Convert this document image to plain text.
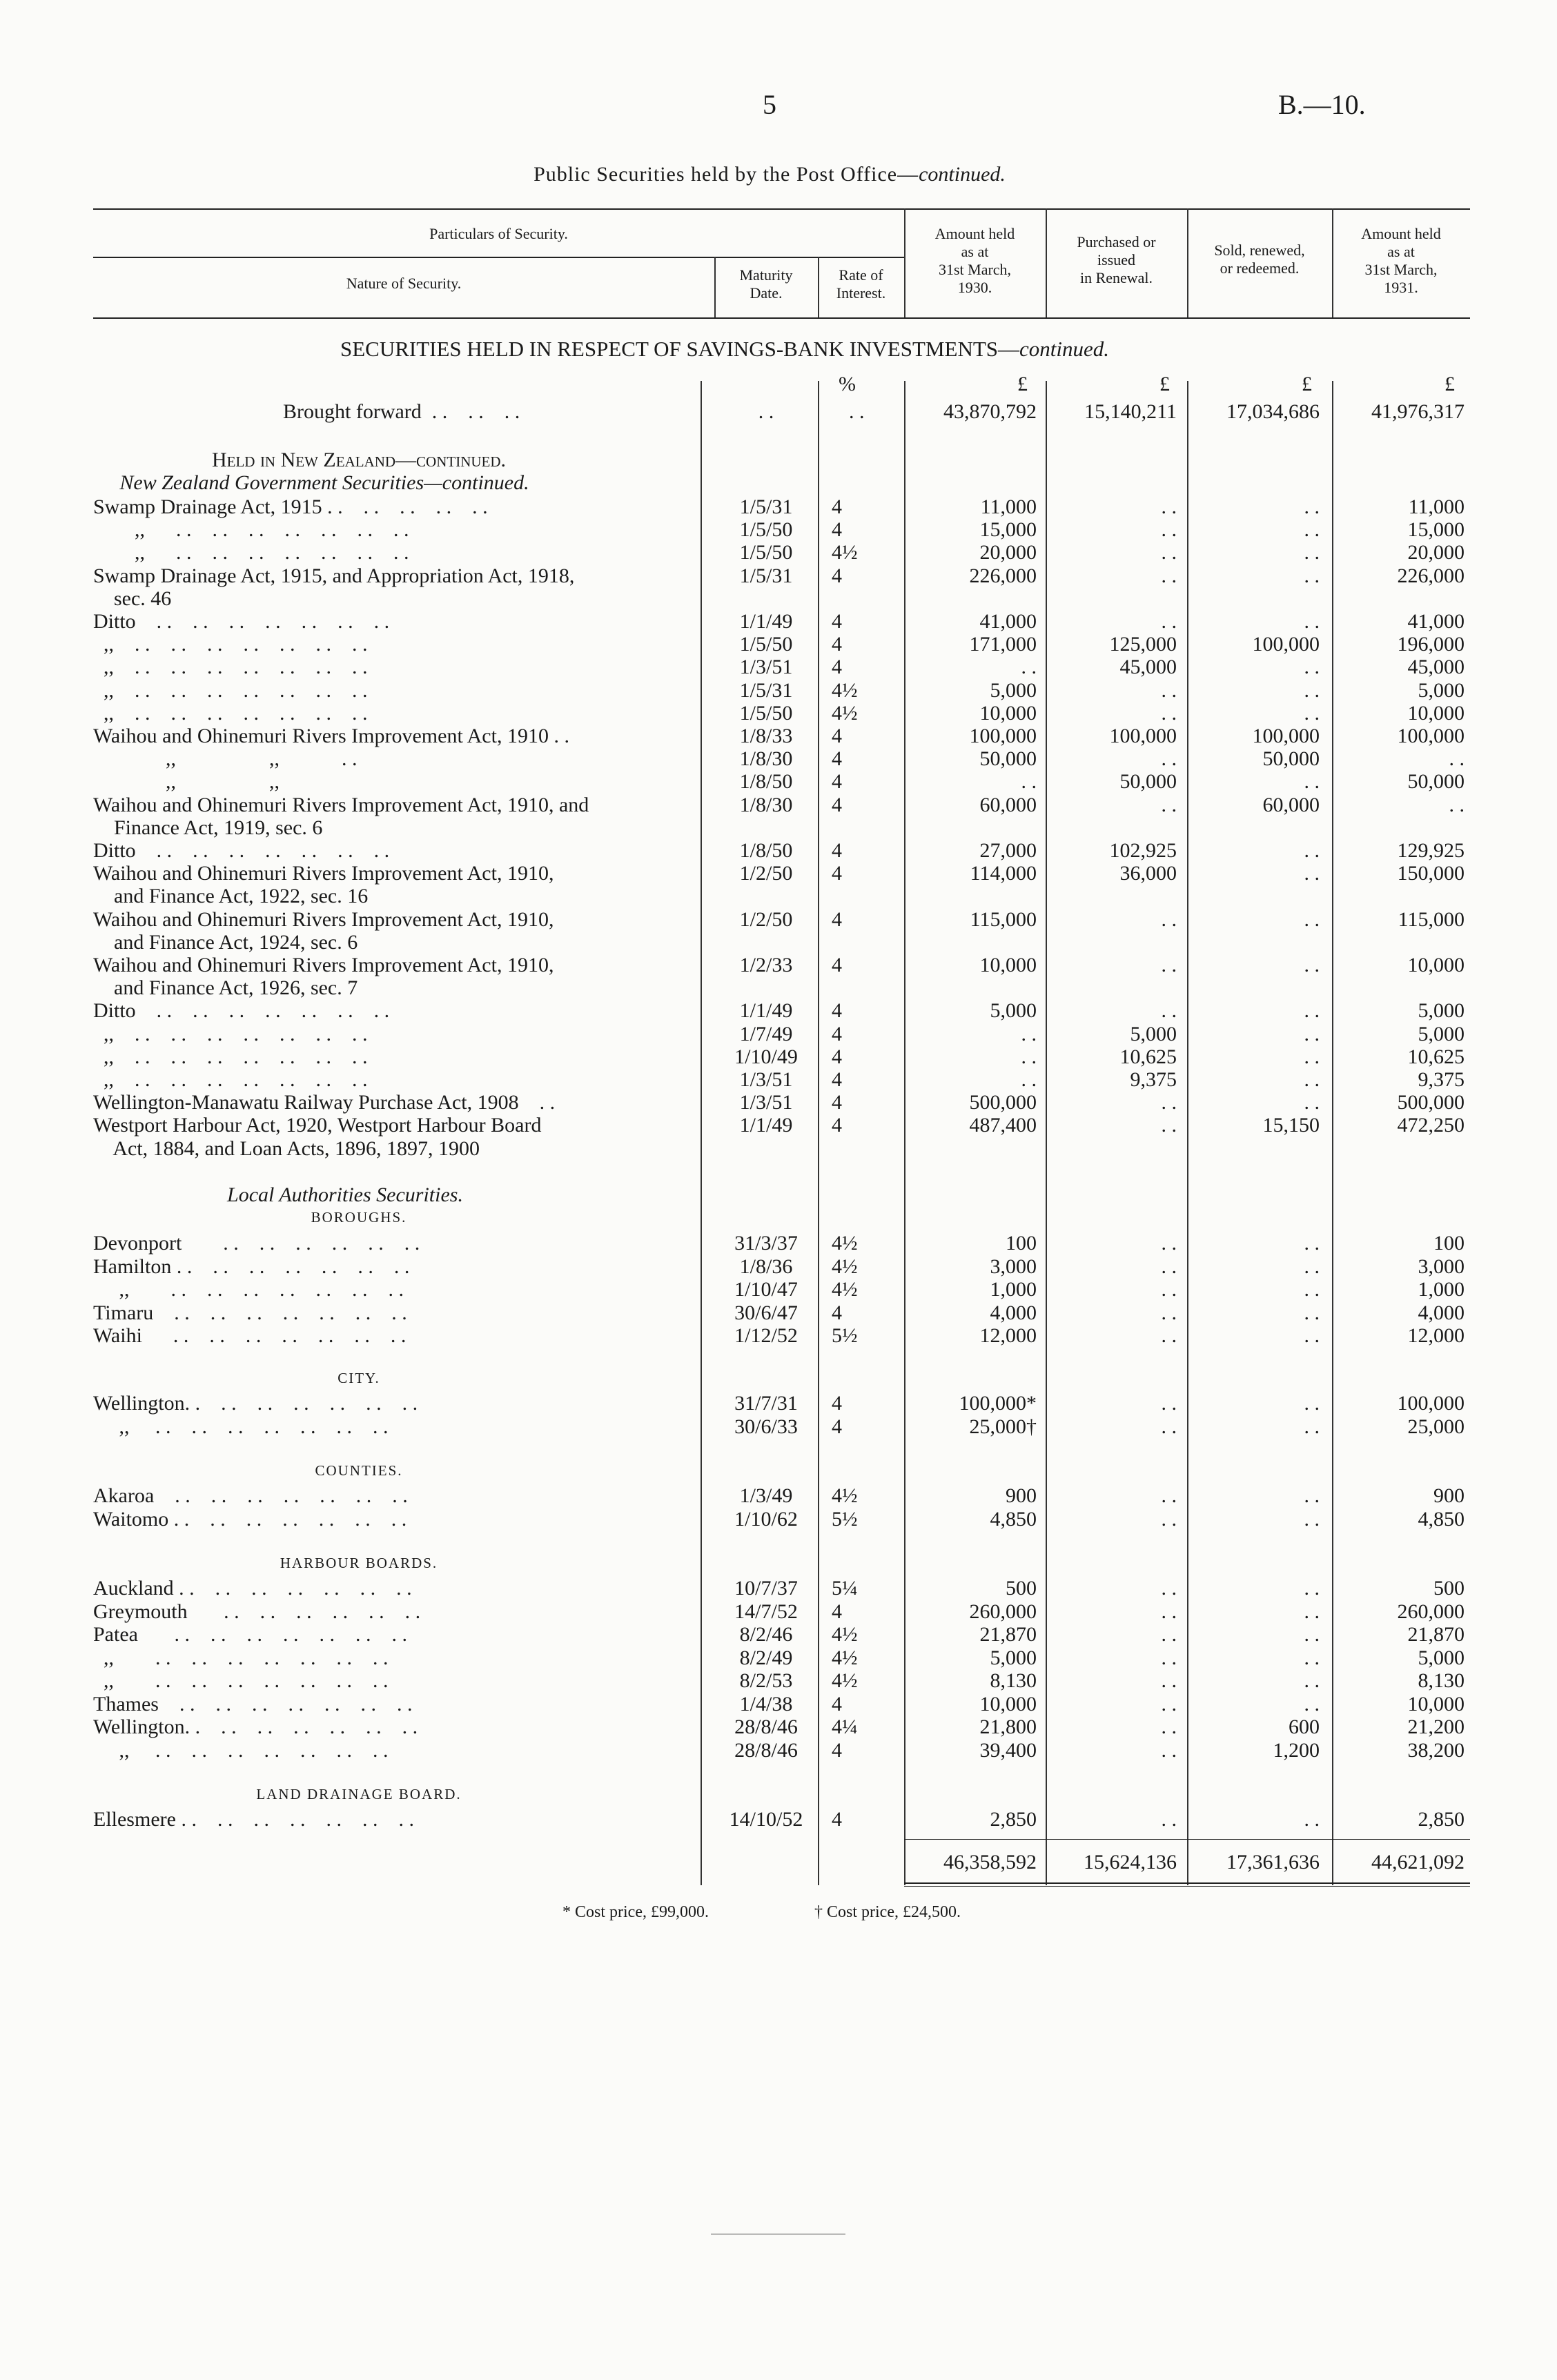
5	B.—10.
Public Securities held by the Post Office—continued.
Particulars of Security.
Nature of Security.	Maturity
Date.
Rate of
Interest.
Amount held
as at
31st March,
1930.
Purchased or
issued
in Renewal.
Sold, renewed,
or redeemed.
Amount held
as at
31st March,
1931.
SECURITIES HELD IN RESPECT OF SAVINGS-BANK INVESTMENTS—continued.
%	£	£	£	£
Brought forward  . .    . .    . .	. .	. .	43,870,792	15,140,211	17,034,686	41,976,317
Held in New Zealand—continued.
New Zealand Government Securities—continued.
Swamp Drainage Act, 1915 . .    . .    . .    . .    . .	1/5/31	4	11,000	. .	. .	11,000
,,      . .    . .    . .    . .    . .    . .    . .	1/5/50	4	15,000	. .	. .	15,000
,,      . .    . .    . .    . .    . .    . .    . .	1/5/50	4½	20,000	. .	. .	20,000
Swamp Drainage Act, 1915, and Appropriation Act, 1918,	1/5/31	4	226,000	. .	. .	226,000
sec. 46
Ditto    . .    . .    . .    . .    . .    . .    . .	1/1/49	4	41,000	. .	. .	41,000
,,    . .    . .    . .    . .    . .    . .    . .	1/5/50	4	171,000	125,000	100,000	196,000
,,    . .    . .    . .    . .    . .    . .    . .	1/3/51	4	. .	45,000	. .	45,000
,,    . .    . .    . .    . .    . .    . .    . .	1/5/31	4½	5,000	. .	. .	5,000
,,    . .    . .    . .    . .    . .    . .    . .	1/5/50	4½	10,000	. .	. .	10,000
Waihou and Ohinemuri Rivers Improvement Act, 1910 . .	1/8/33	4	100,000	100,000	100,000	100,000
,,                  ,,            . .	1/8/30	4	50,000	. .	50,000	. .
,,                  ,,	1/8/50	4	. .	50,000	. .	50,000
Waihou and Ohinemuri Rivers Improvement Act, 1910, and	1/8/30	4	60,000	. .	60,000	. .
Finance Act, 1919, sec. 6
Ditto    . .    . .    . .    . .    . .    . .    . .	1/8/50	4	27,000	102,925	. .	129,925
Waihou and Ohinemuri Rivers Improvement Act, 1910,	1/2/50	4	114,000	36,000	. .	150,000
and Finance Act, 1922, sec. 16
Waihou and Ohinemuri Rivers Improvement Act, 1910,	1/2/50	4	115,000	. .	. .	115,000
and Finance Act, 1924, sec. 6
Waihou and Ohinemuri Rivers Improvement Act, 1910,	1/2/33	4	10,000	. .	. .	10,000
and Finance Act, 1926, sec. 7
Ditto    . .    . .    . .    . .    . .    . .    . .	1/1/49	4	5,000	. .	. .	5,000
,,    . .    . .    . .    . .    . .    . .    . .	1/7/49	4	. .	5,000	. .	5,000
,,    . .    . .    . .    . .    . .    . .    . .	1/10/49	4	. .	10,625	. .	10,625
,,    . .    . .    . .    . .    . .    . .    . .	1/3/51	4	. .	9,375	. .	9,375
Wellington-Manawatu Railway Purchase Act, 1908    . .	1/3/51	4	500,000	. .	. .	500,000
Westport Harbour Act, 1920, Westport Harbour Board	1/1/49	4	487,400	. .	15,150	472,250
Act, 1884, and Loan Acts, 1896, 1897, 1900
Local Authorities Securities.
BOROUGHS.
Devonport        . .    . .    . .    . .    . .    . .	31/3/37	4½	100	. .	. .	100
Hamilton . .    . .    . .    . .    . .    . .    . .	1/8/36	4½	3,000	. .	. .	3,000
,,        . .    . .    . .    . .    . .    . .    . .	1/10/47	4½	1,000	. .	. .	1,000
Timaru    . .    . .    . .    . .    . .    . .    . .	30/6/47	4	4,000	. .	. .	4,000
Waihi      . .    . .    . .    . .    . .    . .    . .	1/12/52	5½	12,000	. .	. .	12,000
CITY.
Wellington. .    . .    . .    . .    . .    . .    . .	31/7/31	4	100,000*	. .	. .	100,000
,,     . .    . .    . .    . .    . .    . .    . .	30/6/33	4	25,000†	. .	. .	25,000
COUNTIES.
Akaroa    . .    . .    . .    . .    . .    . .    . .	1/3/49	4½	900	. .	. .	900
Waitomo . .    . .    . .    . .    . .    . .    . .	1/10/62	5½	4,850	. .	. .	4,850
HARBOUR BOARDS.
Auckland . .    . .    . .    . .    . .    . .    . .	10/7/37	5¼	500	. .	. .	500
Greymouth       . .    . .    . .    . .    . .    . .	14/7/52	4	260,000	. .	. .	260,000
Patea       . .    . .    . .    . .    . .    . .    . .	8/2/46	4½	21,870	. .	. .	21,870
,,        . .    . .    . .    . .    . .    . .    . .	8/2/49	4½	5,000	. .	. .	5,000
,,        . .    . .    . .    . .    . .    . .    . .	8/2/53	4½	8,130	. .	. .	8,130
Thames    . .    . .    . .    . .    . .    . .    . .	1/4/38	4	10,000	. .	. .	10,000
Wellington. .    . .    . .    . .    . .    . .    . .	28/8/46	4¼	21,800	. .	600	21,200
,,     . .    . .    . .    . .    . .    . .    . .	28/8/46	4	39,400	. .	1,200	38,200
LAND DRAINAGE BOARD.
Ellesmere . .    . .    . .    . .    . .    . .    . .	14/10/52	4	2,850	. .	. .	2,850
46,358,592	15,624,136	17,361,636	44,621,092
* Cost price, £99,000.	† Cost price, £24,500.
